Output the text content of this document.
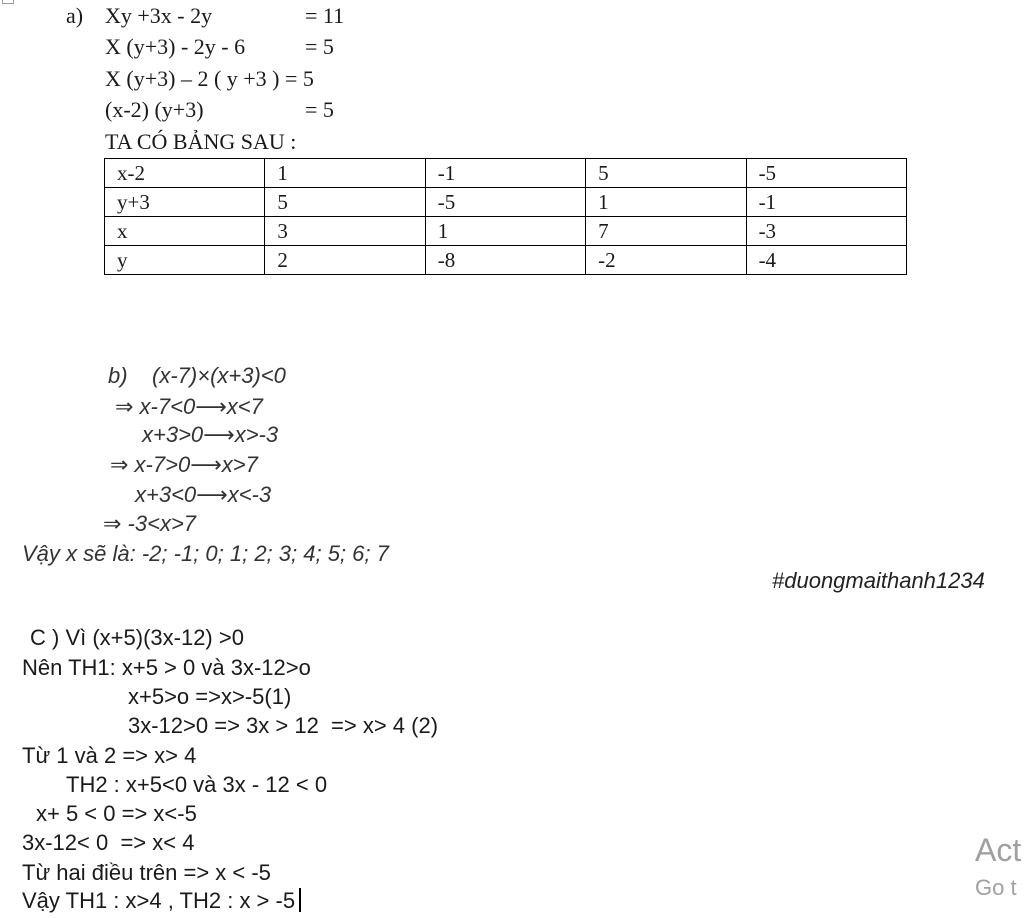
a) Xy +3x - 2y	= 11
X (y+3) - 2y - 6	= 5
X (y+3) – 2 ( y +3 ) = 5
(x-2) (y+3)	= 5
TA CÓ BẢNG SAU :
x-2	1	-1	5	-5
y+3	5	-5	1	-1
x	3	1	7	-3
y	2	-8	-2	-4
b)    (x-7)×(x+3)<0
⇒ x-7<0⟶x<7
x+3>0⟶x>-3
⇒ x-7>0⟶x>7
x+3<0⟶x<-3
⇒ -3<x>7
Vậy x sẽ là: -2; -1; 0; 1; 2; 3; 4; 5; 6; 7
#duongmaithanh1234
C ) Vì (x+5)(3x-12) >0
Nên TH1: x+5 > 0 và 3x-12>o
x+5>o =>x>-5(1)
3x-12>0 => 3x > 12  => x> 4 (2)
Từ 1 và 2 => x> 4
TH2 : x+5<0 và 3x - 12 < 0
x+ 5 < 0 => x<-5
3x-12< 0  => x< 4
Từ hai điều trên => x < -5
Vậy TH1 : x>4 , TH2 : x > -5
Act
Go t
